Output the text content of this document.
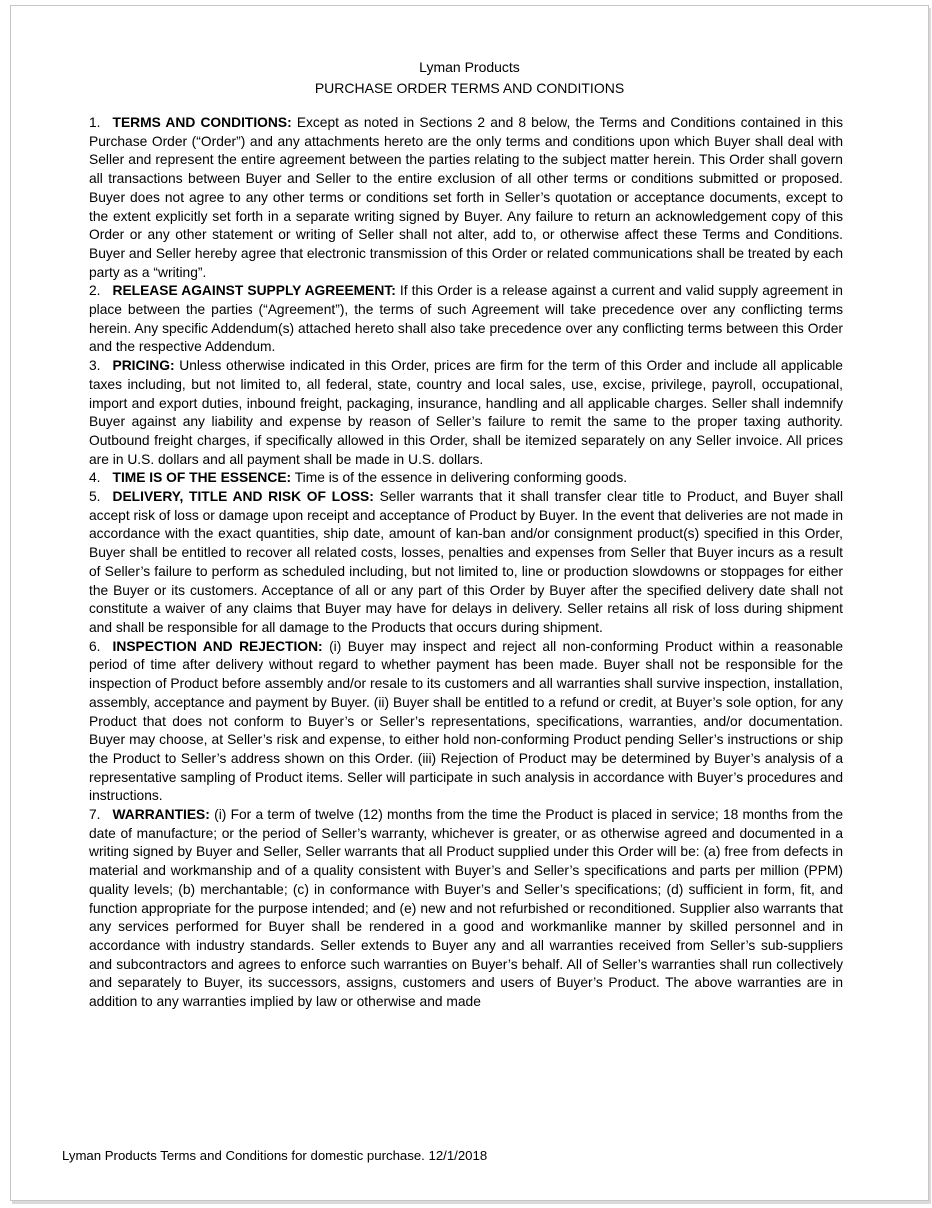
Lyman Products
PURCHASE ORDER TERMS AND CONDITIONS

1. TERMS AND CONDITIONS: Except as noted in Sections 2 and 8 below, the Terms and Conditions contained in this Purchase Order (“Order”) and any attachments hereto are the only terms and conditions upon which Buyer shall deal with Seller and represent the entire agreement between the parties relating to the subject matter herein. This Order shall govern all transactions between Buyer and Seller to the entire exclusion of all other terms or conditions submitted or proposed. Buyer does not agree to any other terms or conditions set forth in Seller’s quotation or acceptance documents, except to the extent explicitly set forth in a separate writing signed by Buyer. Any failure to return an acknowledgement copy of this Order or any other statement or writing of Seller shall not alter, add to, or otherwise affect these Terms and Conditions. Buyer and Seller hereby agree that electronic transmission of this Order or related communications shall be treated by each party as a “writing”.

2. RELEASE AGAINST SUPPLY AGREEMENT: If this Order is a release against a current and valid supply agreement in place between the parties (“Agreement”), the terms of such Agreement will take precedence over any conflicting terms herein. Any specific Addendum(s) attached hereto shall also take precedence over any conflicting terms between this Order and the respective Addendum.

3. PRICING: Unless otherwise indicated in this Order, prices are firm for the term of this Order and include all applicable taxes including, but not limited to, all federal, state, country and local sales, use, excise, privilege, payroll, occupational, import and export duties, inbound freight, packaging, insurance, handling and all applicable charges. Seller shall indemnify Buyer against any liability and expense by reason of Seller’s failure to remit the same to the proper taxing authority. Outbound freight charges, if specifically allowed in this Order, shall be itemized separately on any Seller invoice. All prices are in U.S. dollars and all payment shall be made in U.S. dollars.

4. TIME IS OF THE ESSENCE: Time is of the essence in delivering conforming goods.

5. DELIVERY, TITLE AND RISK OF LOSS: Seller warrants that it shall transfer clear title to Product, and Buyer shall accept risk of loss or damage upon receipt and acceptance of Product by Buyer. In the event that deliveries are not made in accordance with the exact quantities, ship date, amount of kan-ban and/or consignment product(s) specified in this Order, Buyer shall be entitled to recover all related costs, losses, penalties and expenses from Seller that Buyer incurs as a result of Seller’s failure to perform as scheduled including, but not limited to, line or production slowdowns or stoppages for either the Buyer or its customers. Acceptance of all or any part of this Order by Buyer after the specified delivery date shall not constitute a waiver of any claims that Buyer may have for delays in delivery. Seller retains all risk of loss during shipment and shall be responsible for all damage to the Products that occurs during shipment.

6. INSPECTION AND REJECTION: (i) Buyer may inspect and reject all non-conforming Product within a reasonable period of time after delivery without regard to whether payment has been made. Buyer shall not be responsible for the inspection of Product before assembly and/or resale to its customers and all warranties shall survive inspection, installation, assembly, acceptance and payment by Buyer. (ii) Buyer shall be entitled to a refund or credit, at Buyer’s sole option, for any Product that does not conform to Buyer’s or Seller’s representations, specifications, warranties, and/or documentation. Buyer may choose, at Seller’s risk and expense, to either hold non-conforming Product pending Seller’s instructions or ship the Product to Seller’s address shown on this Order. (iii) Rejection of Product may be determined by Buyer’s analysis of a representative sampling of Product items. Seller will participate in such analysis in accordance with Buyer’s procedures and instructions.

7. WARRANTIES: (i) For a term of twelve (12) months from the time the Product is placed in service; 18 months from the date of manufacture; or the period of Seller’s warranty, whichever is greater, or as otherwise agreed and documented in a writing signed by Buyer and Seller, Seller warrants that all Product supplied under this Order will be: (a) free from defects in material and workmanship and of a quality consistent with Buyer’s and Seller’s specifications and parts per million (PPM) quality levels; (b) merchantable; (c) in conformance with Buyer’s and Seller’s specifications; (d) sufficient in form, fit, and function appropriate for the purpose intended; and (e) new and not refurbished or reconditioned. Supplier also warrants that any services performed for Buyer shall be rendered in a good and workmanlike manner by skilled personnel and in accordance with industry standards. Seller extends to Buyer any and all warranties received from Seller’s sub-suppliers and subcontractors and agrees to enforce such warranties on Buyer’s behalf. All of Seller’s warranties shall run collectively and separately to Buyer, its successors, assigns, customers and users of Buyer’s Product. The above warranties are in addition to any warranties implied by law or otherwise and made

Lyman Products Terms and Conditions for domestic purchase. 12/1/2018
